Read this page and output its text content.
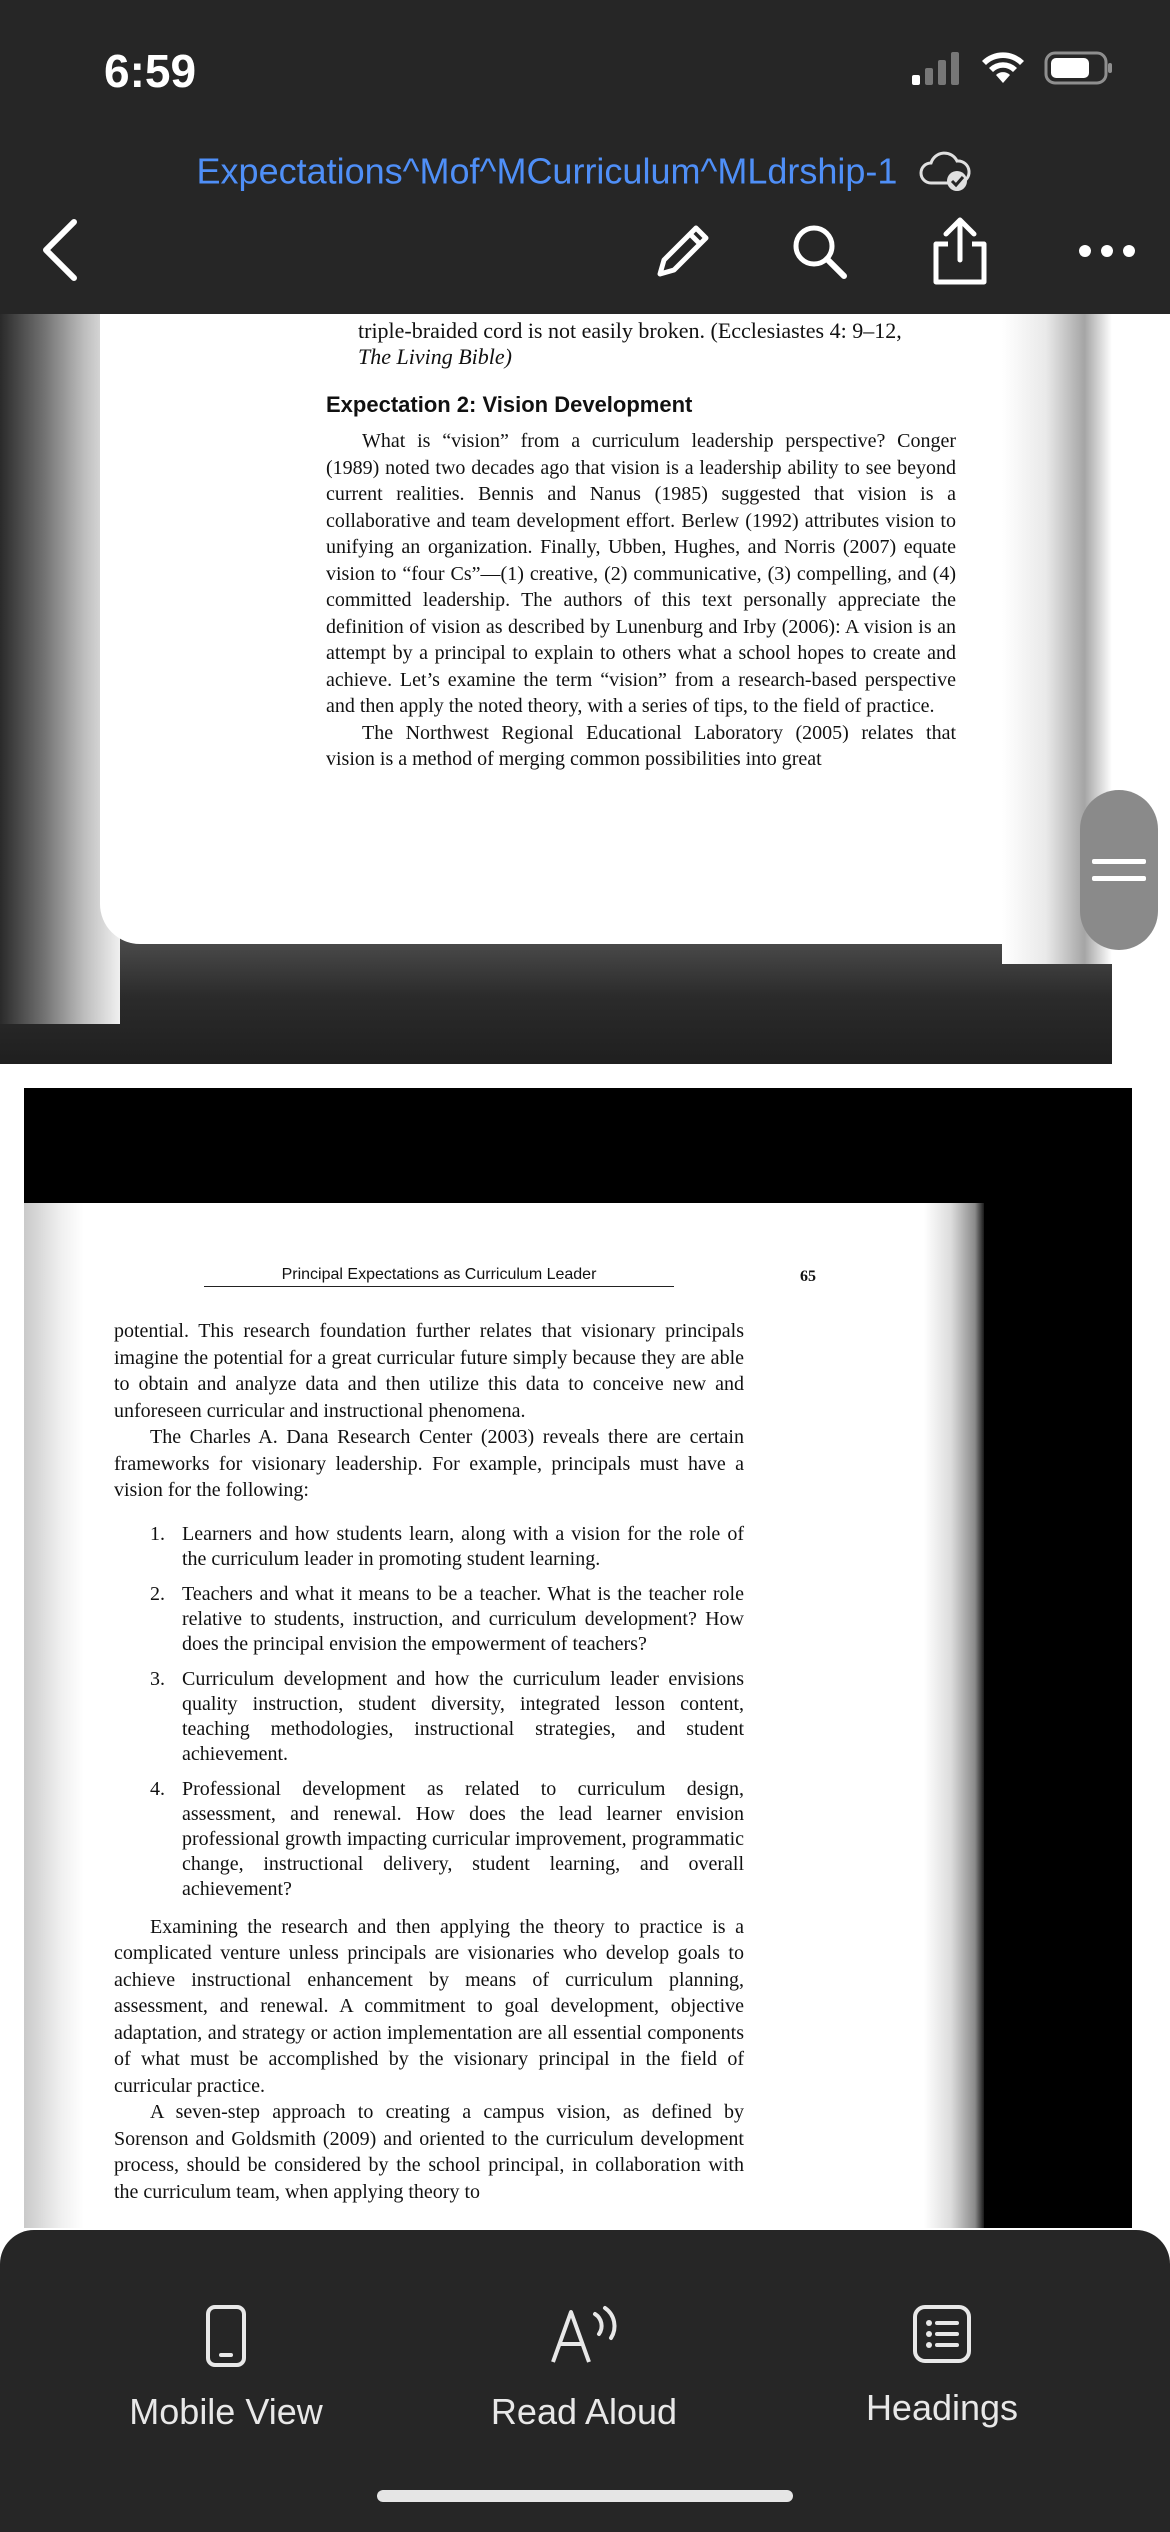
6:59
Expectations^Mof^MCurriculum^MLdrship-1
triple-braided cord is not easily broken. (Ecclesiastes 4: 9–12,
The Living Bible)
Expectation 2: Vision Development

What is “vision” from a curriculum leadership perspective? Conger (1989) noted two decades ago that vision is a leadership ability to see beyond current realities. Bennis and Nanus (1985) suggested that vision is a collaborative and team development effort. Berlew (1992) attributes vision to unifying an organization. Finally, Ubben, Hughes, and Norris (2007) equate vision to “four Cs”—(1) creative, (2) communicative, (3) compelling, and (4) committed leadership. The authors of this text personally appreciate the definition of vision as described by Lunenburg and Irby (2006): A vision is an attempt by a principal to explain to others what a school hopes to create and achieve. Let’s examine the term “vision” from a research-based perspective and then apply the noted theory, with a series of tips, to the field of practice.

The Northwest Regional Educational Laboratory (2005) relates that vision is a method of merging common possibilities into great

Principal Expectations as Curriculum Leader	65

potential. This research foundation further relates that visionary principals imagine the potential for a great curricular future simply because they are able to obtain and analyze data and then utilize this data to conceive new and unforeseen curricular and instructional phenomena.

The Charles A. Dana Research Center (2003) reveals there are certain frameworks for visionary leadership. For example, principals must have a vision for the following:

1. Learners and how students learn, along with a vision for the role of the curriculum leader in promoting student learning.
2. Teachers and what it means to be a teacher. What is the teacher role relative to students, instruction, and curriculum development? How does the principal envision the empowerment of teachers?
3. Curriculum development and how the curriculum leader envisions quality instruction, student diversity, integrated lesson content, teaching methodologies, instructional strategies, and student achievement.
4. Professional development as related to curriculum design, assessment, and renewal. How does the lead learner envision professional growth impacting curricular improvement, programmatic change, instructional delivery, student learning, and overall achievement?

Examining the research and then applying the theory to practice is a complicated venture unless principals are visionaries who develop goals to achieve instructional enhancement by means of curriculum planning, assessment, and renewal. A commitment to goal development, objective adaptation, and strategy or action implementation are all essential components of what must be accomplished by the visionary principal in the field of curricular practice.

A seven-step approach to creating a campus vision, as defined by Sorenson and Goldsmith (2009) and oriented to the curriculum development process, should be considered by the school principal, in collaboration with the curriculum team, when applying theory to

Mobile View	Read Aloud	Headings
